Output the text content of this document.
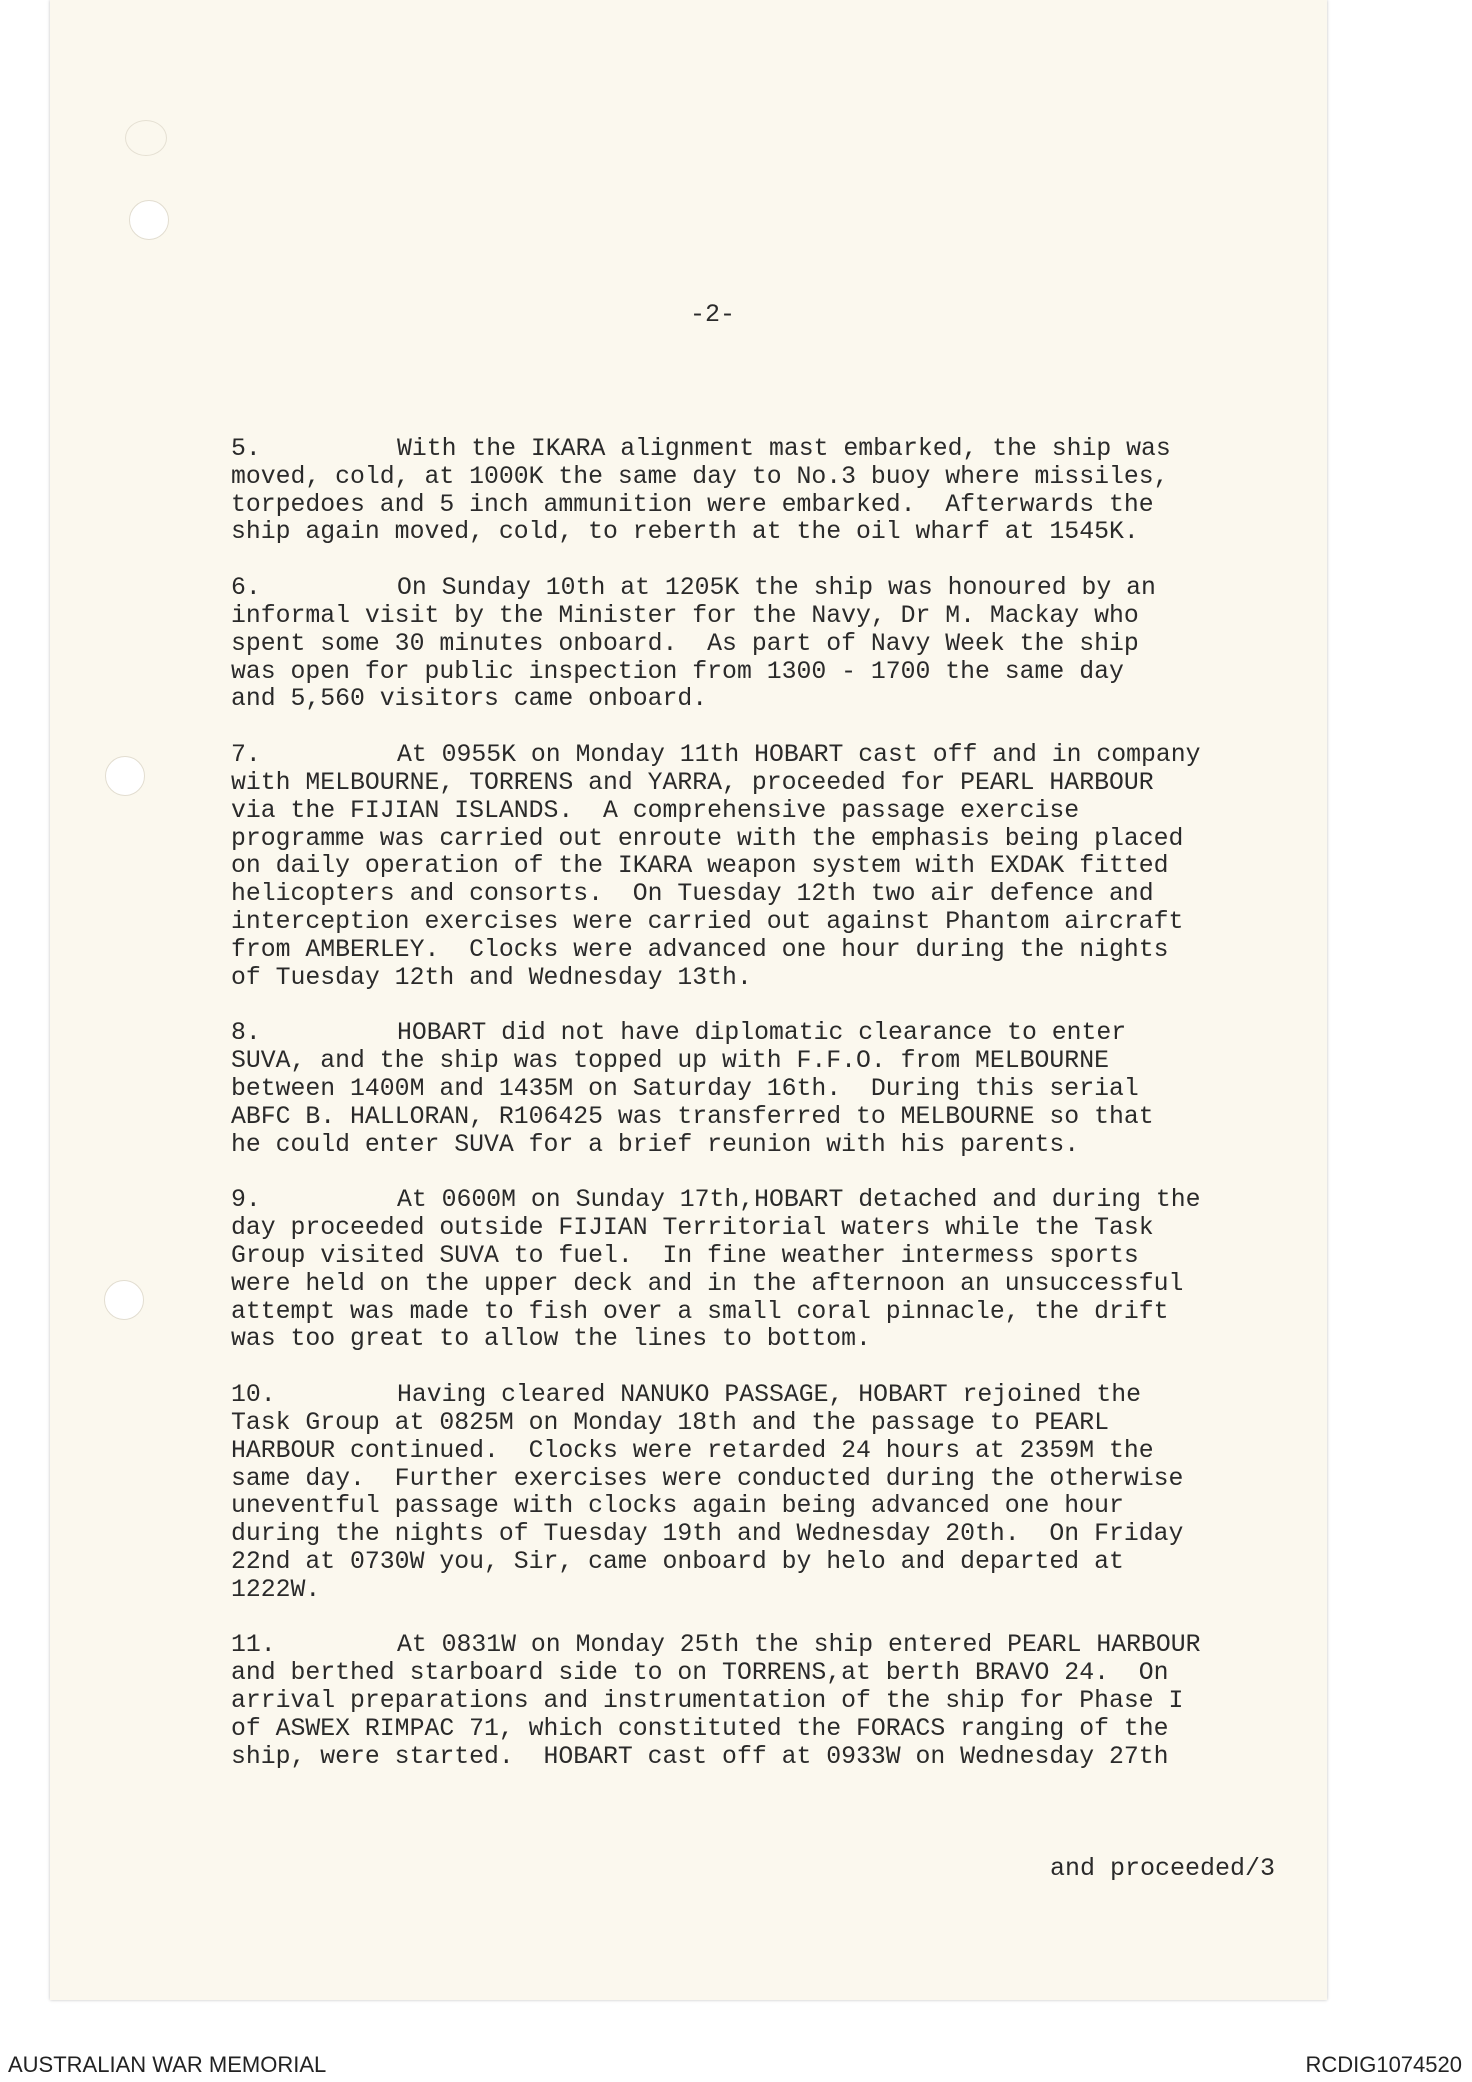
-2-
5.	With the IKARA alignment mast embarked, the ship was
moved, cold, at 1000K the same day to No.3 buoy where missiles,
torpedoes and 5 inch ammunition were embarked.  Afterwards the
ship again moved, cold, to reberth at the oil wharf at 1545K.
6.	On Sunday 10th at 1205K the ship was honoured by an
informal visit by the Minister for the Navy, Dr M. Mackay who
spent some 30 minutes onboard.  As part of Navy Week the ship
was open for public inspection from 1300 - 1700 the same day
and 5,560 visitors came onboard.
7.	At 0955K on Monday 11th HOBART cast off and in company
with MELBOURNE, TORRENS and YARRA, proceeded for PEARL HARBOUR
via the FIJIAN ISLANDS.  A comprehensive passage exercise
programme was carried out enroute with the emphasis being placed
on daily operation of the IKARA weapon system with EXDAK fitted
helicopters and consorts.  On Tuesday 12th two air defence and
interception exercises were carried out against Phantom aircraft
from AMBERLEY.  Clocks were advanced one hour during the nights
of Tuesday 12th and Wednesday 13th.
8.	HOBART did not have diplomatic clearance to enter
SUVA, and the ship was topped up with F.F.O. from MELBOURNE
between 1400M and 1435M on Saturday 16th.  During this serial
ABFC B. HALLORAN, R106425 was transferred to MELBOURNE so that
he could enter SUVA for a brief reunion with his parents.
9.	At 0600M on Sunday 17th,HOBART detached and during the
day proceeded outside FIJIAN Territorial waters while the Task
Group visited SUVA to fuel.  In fine weather intermess sports
were held on the upper deck and in the afternoon an unsuccessful
attempt was made to fish over a small coral pinnacle, the drift
was too great to allow the lines to bottom.
10.	Having cleared NANUKO PASSAGE, HOBART rejoined the
Task Group at 0825M on Monday 18th and the passage to PEARL
HARBOUR continued.  Clocks were retarded 24 hours at 2359M the
same day.  Further exercises were conducted during the otherwise
uneventful passage with clocks again being advanced one hour
during the nights of Tuesday 19th and Wednesday 20th.  On Friday
22nd at 0730W you, Sir, came onboard by helo and departed at
1222W.
11.	At 0831W on Monday 25th the ship entered PEARL HARBOUR
and berthed starboard side to on TORRENS,at berth BRAVO 24.  On
arrival preparations and instrumentation of the ship for Phase I
of ASWEX RIMPAC 71, which constituted the FORACS ranging of the
ship, were started.  HOBART cast off at 0933W on Wednesday 27th
and proceeded/3
AUSTRALIAN WAR MEMORIAL	RCDIG1074520
